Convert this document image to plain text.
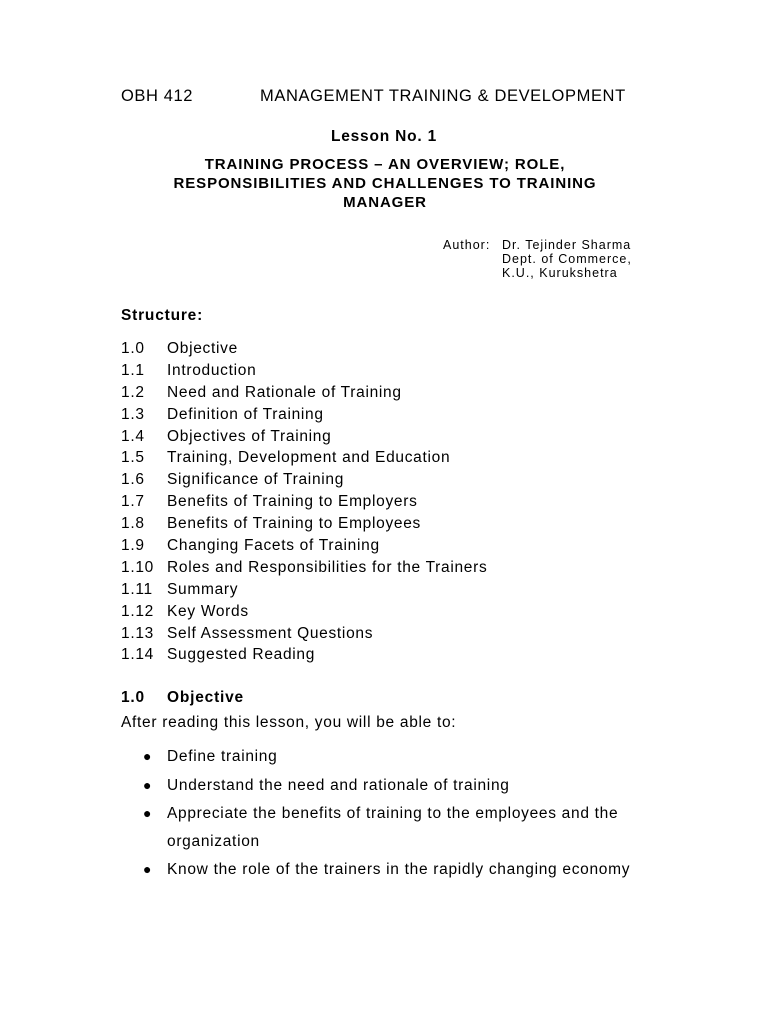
OBH 412	MANAGEMENT TRAINING & DEVELOPMENT
Lesson No. 1
TRAINING PROCESS – AN OVERVIEW; ROLE, RESPONSIBILITIES AND CHALLENGES TO TRAINING MANAGER
Author: Dr. Tejinder Sharma
Dept. of Commerce,
K.U., Kurukshetra
Structure:
1.0 Objective
1.1 Introduction
1.2 Need and Rationale of Training
1.3 Definition of Training
1.4 Objectives of Training
1.5 Training, Development and Education
1.6 Significance of Training
1.7 Benefits of Training to Employers
1.8 Benefits of Training to Employees
1.9 Changing Facets of Training
1.10 Roles and Responsibilities for the Trainers
1.11 Summary
1.12 Key Words
1.13 Self Assessment Questions
1.14 Suggested Reading
1.0 Objective
After reading this lesson, you will be able to:
● Define training
● Understand the need and rationale of training
● Appreciate the benefits of training to the employees and the organization
● Know the role of the trainers in the rapidly changing economy
